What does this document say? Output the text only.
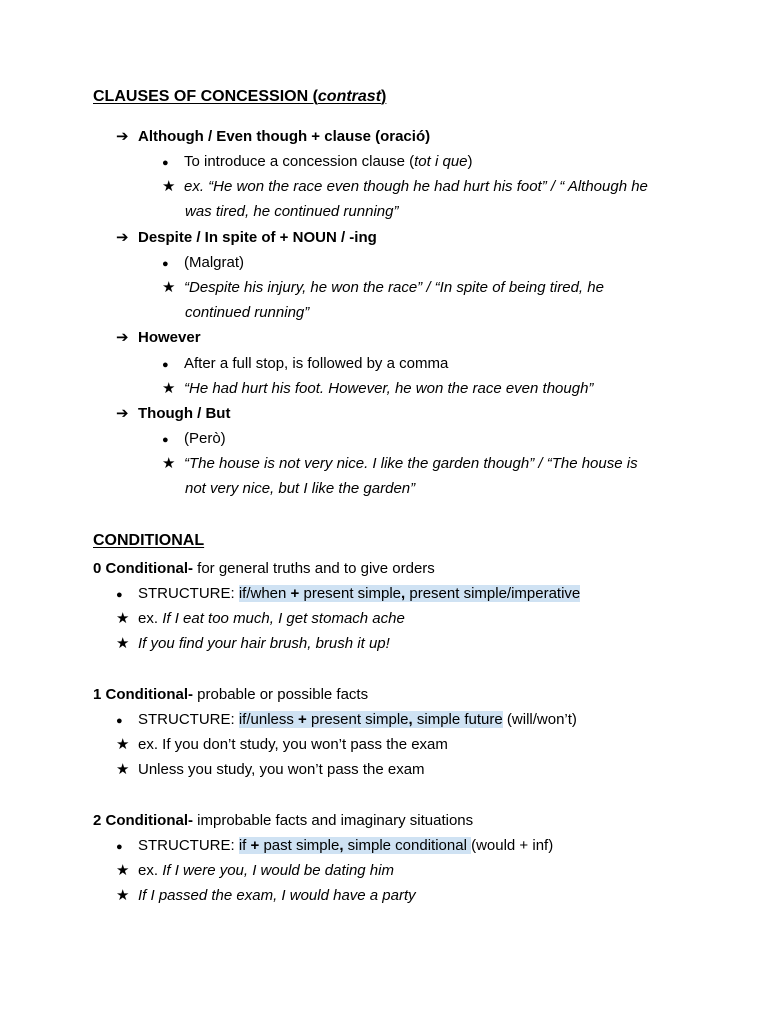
CLAUSES OF CONCESSION (contrast)
➔ Although / Even though + clause (oració)
● To introduce a concession clause (tot i que)
★ ex. “He won the race even though he had hurt his foot” / “ Although he
was tired, he continued running”
➔ Despite / In spite of + NOUN / -ing
● (Malgrat)
★ “Despite his injury, he won the race” / “In spite of being tired, he
continued running”
➔ However
● After a full stop, is followed by a comma
★ “He had hurt his foot. However, he won the race even though”
➔ Though / But
● (Però)
★ “The house is not very nice. I like the garden though” / “The house is
not very nice, but I like the garden”
CONDITIONAL
0 Conditional- for general truths and to give orders
● STRUCTURE: if/when + present simple, present simple/imperative
★ ex. If I eat too much, I get stomach ache
★ If you find your hair brush, brush it up!
1 Conditional- probable or possible facts
● STRUCTURE: if/unless + present simple, simple future (will/won’t)
★ ex. If you don’t study, you won’t pass the exam
★ Unless you study, you won’t pass the exam
2 Conditional- improbable facts and imaginary situations
● STRUCTURE: if + past simple, simple conditional (would + inf)
★ ex. If I were you, I would be dating him
★ If I passed the exam, I would have a party
